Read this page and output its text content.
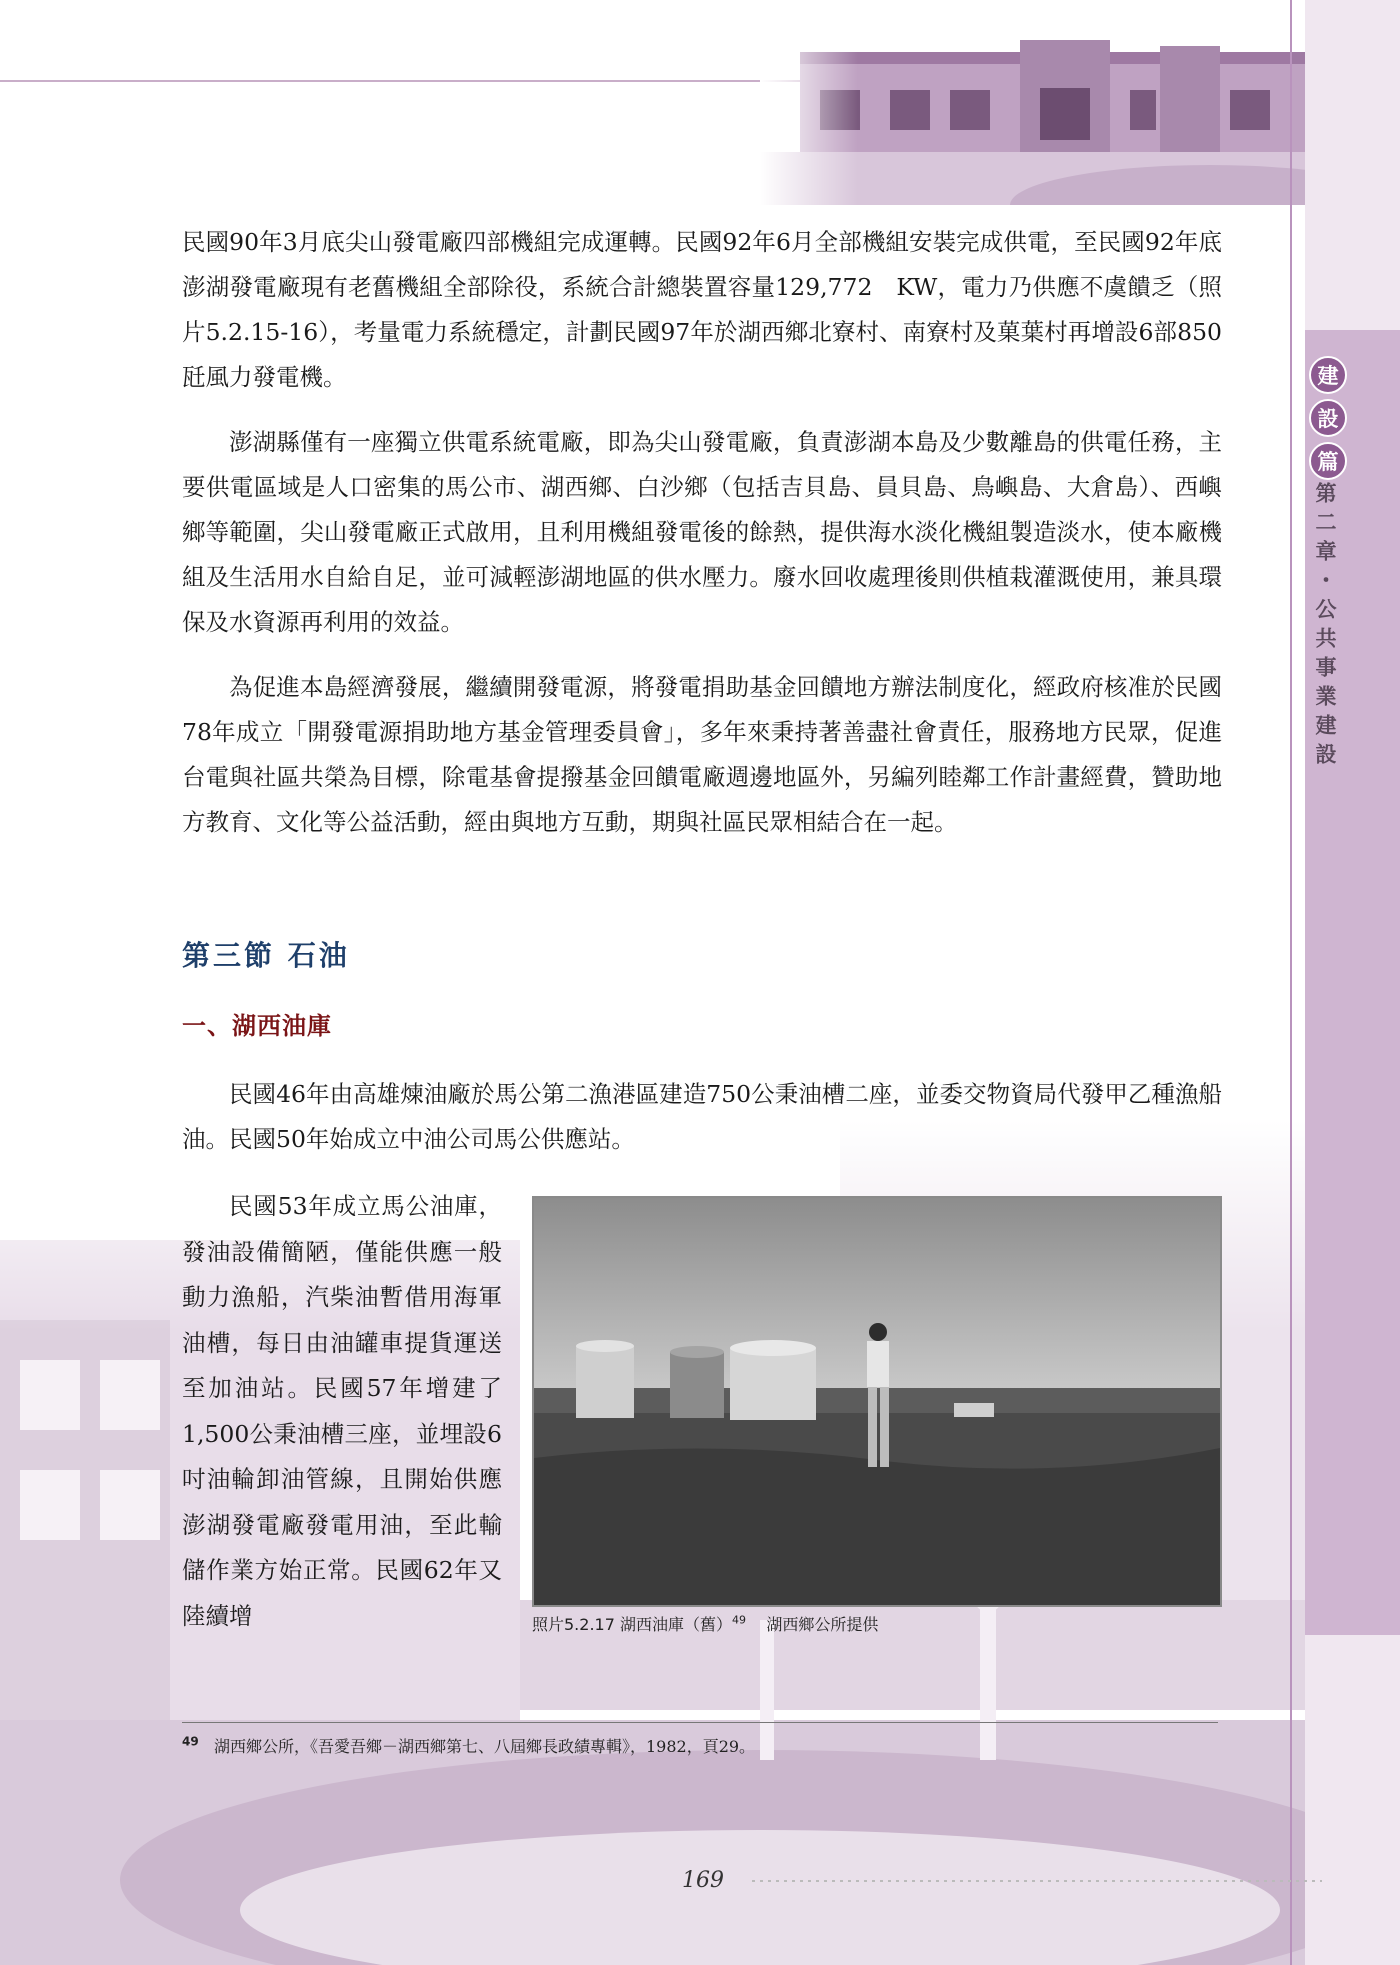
建
設
篇
第二章・公共事業建設

民國90年3月底尖山發電廠四部機組完成運轉。民國92年6月全部機組安裝完成供電，至民國92年底澎湖發電廠現有老舊機組全部除役，系統合計總裝置容量129,772　KW，電力乃供應不虞饋乏（照片5.2.15-16），考量電力系統穩定，計劃民國97年於湖西鄉北寮村、南寮村及菓葉村再增設6部850瓩風力發電機。

澎湖縣僅有一座獨立供電系統電廠，即為尖山發電廠，負責澎湖本島及少數離島的供電任務，主要供電區域是人口密集的馬公市、湖西鄉、白沙鄉（包括吉貝島、員貝島、鳥嶼島、大倉島）、西嶼鄉等範圍，尖山發電廠正式啟用，且利用機組發電後的餘熱，提供海水淡化機組製造淡水，使本廠機組及生活用水自給自足，並可減輕澎湖地區的供水壓力。廢水回收處理後則供植栽灌溉使用，兼具環保及水資源再利用的效益。

為促進本島經濟發展，繼續開發電源，將發電捐助基金回饋地方辦法制度化，經政府核准於民國78年成立「開發電源捐助地方基金管理委員會」，多年來秉持著善盡社會責任，服務地方民眾，促進台電與社區共榮為目標，除電基會提撥基金回饋電廠週邊地區外，另編列睦鄰工作計畫經費，贊助地方教育、文化等公益活動，經由與地方互動，期與社區民眾相結合在一起。

第三節 石油
一、湖西油庫

民國46年由高雄煉油廠於馬公第二漁港區建造750公秉油槽二座，並委交物資局代發甲乙種漁船油。民國50年始成立中油公司馬公供應站。

民國53年成立馬公油庫，發油設備簡陋，僅能供應一般動力漁船，汽柴油暫借用海軍油槽，每日由油罐車提貨運送至加油站。民國57年增建了1,500公秉油槽三座，並埋設6吋油輪卸油管線，且開始供應澎湖發電廠發電用油，至此輸儲作業方始正常。民國62年又陸續增	照片5.2.17 湖西油庫（舊）$^{49}$ 湖西鄉公所提供
$^{49}$ 湖西鄉公所，《吾愛吾鄉－湖西鄉第七、八屆鄉長政績專輯》，1982，頁29。
169
